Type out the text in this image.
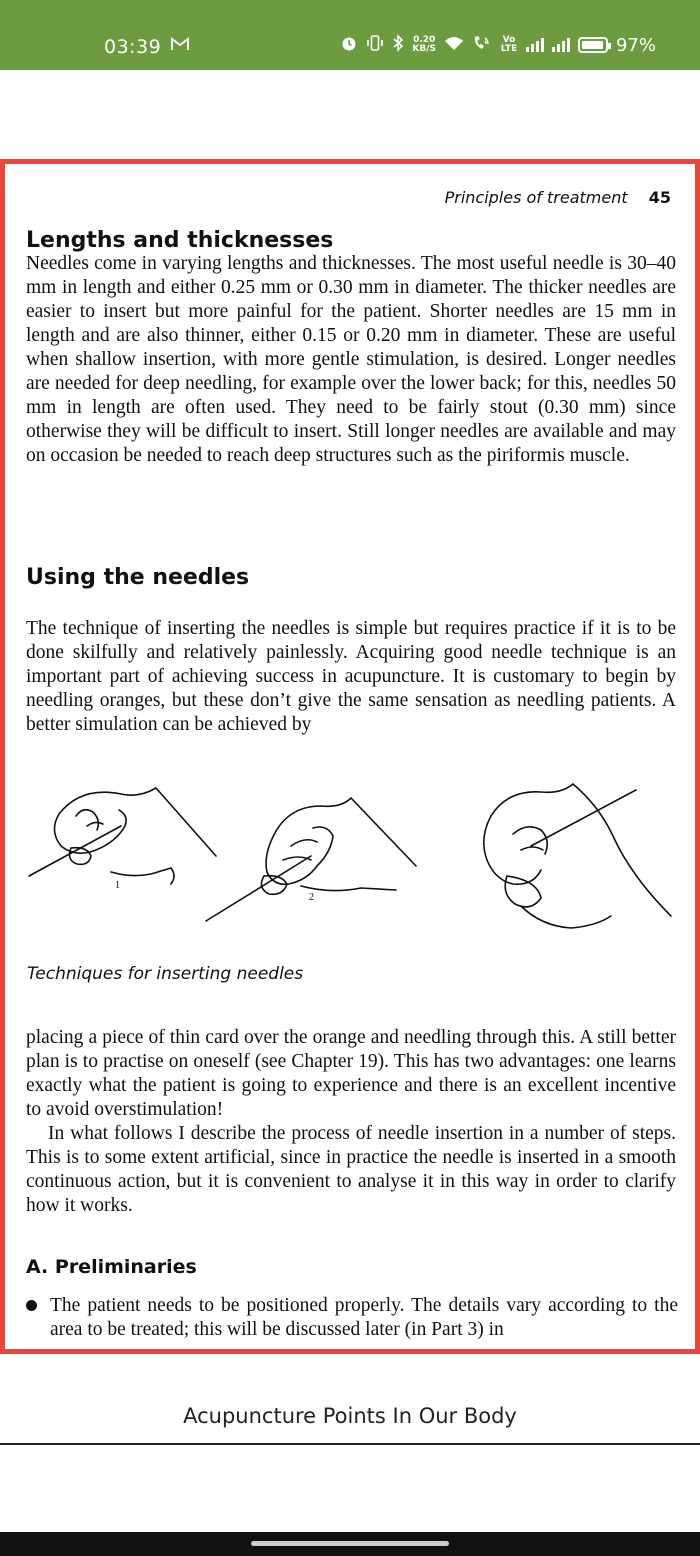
03:39	0.20
KB/S
Vo LTE	97%
Principles of treatment 45
Lengths and thicknesses
Needles come in varying lengths and thicknesses. The most useful needle is 30–40 mm in length and either 0.25 mm or 0.30 mm in diameter. The thicker needles are easier to insert but more painful for the patient. Shorter needles are 15 mm in length and are also thinner, either 0.15 or 0.20 mm in diameter. These are useful when shallow insertion, with more gentle stimulation, is desired. Longer needles are needed for deep needling, for example over the lower back; for this, needles 50 mm in length are often used. They need to be fairly stout (0.30 mm) since otherwise they will be difficult to insert. Still longer needles are available and may on occasion be needed to reach deep structures such as the piriformis muscle.
Using the needles
The technique of inserting the needles is simple but requires practice if it is to be done skilfully and relatively painlessly. Acquiring good needle technique is an important part of achieving success in acupuncture. It is customary to begin by needling oranges, but these don’t give the same sensation as needling patients. A better simulation can be achieved by
1
2
Techniques for inserting needles
placing a piece of thin card over the orange and needling through this. A still better plan is to practise on oneself (see Chapter 19). This has two advantages: one learns exactly what the patient is going to experience and there is an excellent incentive to avoid overstimulation!
In what follows I describe the process of needle insertion in a number of steps. This is to some extent artificial, since in practice the needle is inserted in a smooth continuous action, but it is convenient to analyse it in this way in order to clarify how it works.
A. Preliminaries
The patient needs to be positioned properly. The details vary according to the area to be treated; this will be discussed later (in Part 3) in
Acupuncture Points In Our Body
